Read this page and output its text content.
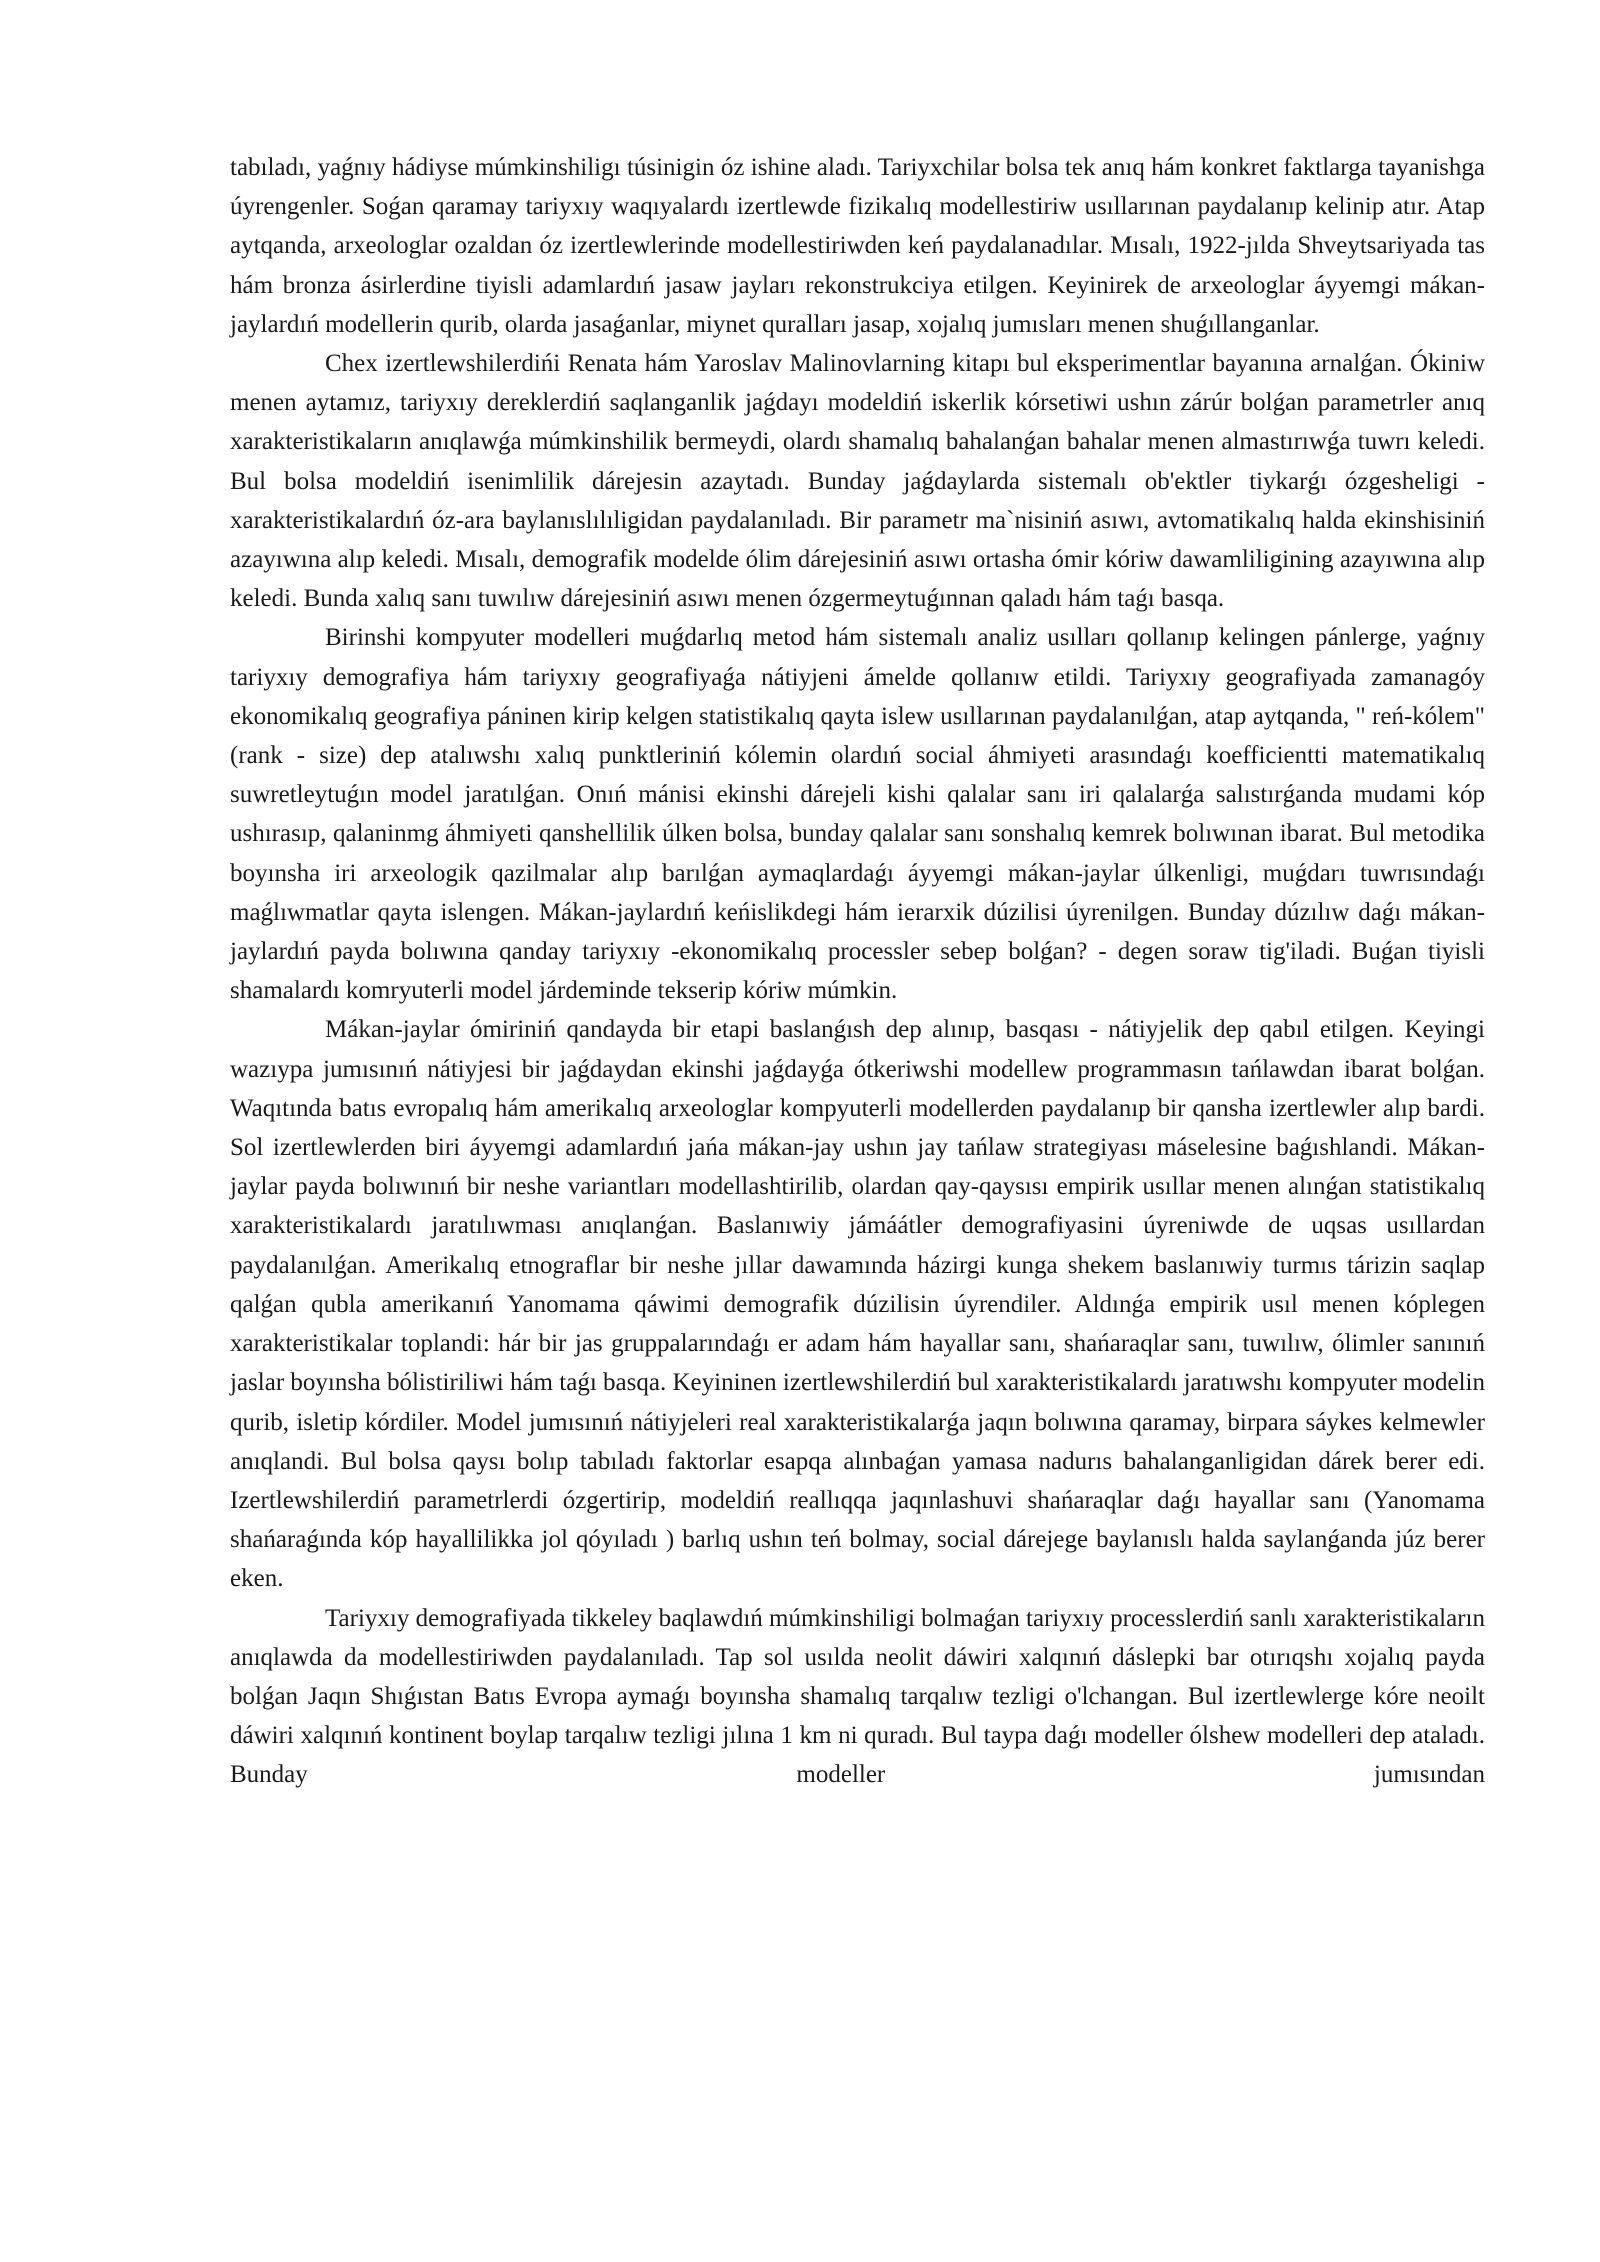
tabıladı, yaǵnıy hádiyse múmkinshiligı túsinigin óz ishine aladı. Tariyxchilar bolsa tek anıq hám konkret faktlarga tayanishga úyrengenler. Soǵan qaramay tariyxıy waqıyalardı izertlewde fizikalıq modellestiriw usıllarınan paydalanıp kelinip atır. Atap aytqanda, arxeologlar ozaldan óz izertlewlerinde modellestiriwden keń paydalanadılar. Mısalı, 1922-jılda Shveytsariyada tas hám bronza ásirlerdine tiyisli adamlardıń jasaw jayları rekonstrukciya etilgen. Keyinirek de arxeologlar áyyemgi mákan-jaylardıń modellerin qurib, olarda jasaǵanlar, miynet quralları jasap, xojalıq jumısları menen shuǵıllanganlar.

Chex izertlewshilerdińi Renata hám Yaroslav Malinovlarning kitapı bul eksperimentlar bayanına arnalǵan. Ókiniw menen aytamız, tariyxıy dereklerdiń saqlanganlik jaǵdayı modeldiń iskerlik kórsetiwi ushın zárúr bolǵan parametrler anıq xarakteristikaların anıqlawǵa múmkinshilik bermeydi, olardı shamalıq bahalanǵan bahalar menen almastırıwǵa tuwrı keledi. Bul bolsa modeldiń isenimlilik dárejesin azaytadı. Bunday jaǵdaylarda sistemalı ob'ektler tiykarǵı ózgesheligi - xarakteristikalardıń óz-ara baylanıslılıligidan paydalanıladı. Bir parametr ma`nisiniń asıwı, avtomatikalıq halda ekinshisiniń azayıwına alıp keledi. Mısalı, demografik modelde ólim dárejesiniń asıwı ortasha ómir kóriw dawamliligining azayıwına alıp keledi. Bunda xalıq sanı tuwılıw dárejesiniń asıwı menen ózgermeytuǵınnan qaladı hám taǵı basqa.

Birinshi kompyuter modelleri muǵdarlıq metod hám sistemalı analiz usılları qollanıp kelingen pánlerge, yaǵnıy tariyxıy demografiya hám tariyxıy geografiyaǵa nátiyjeni ámelde qollanıw etildi. Tariyxıy geografiyada zamanagóy ekonomikalıq geografiya páninen kirip kelgen statistikalıq qayta islew usıllarınan paydalanılǵan, atap aytqanda, " reń-kólem" (rank - size) dep atalıwshı xalıq punktleriniń kólemin olardıń social áhmiyeti arasındaǵı koefficientti matematikalıq suwretleytuǵın model jaratılǵan. Onıń mánisi ekinshi dárejeli kishi qalalar sanı iri qalalarǵa salıstırǵanda mudami kóp ushırasıp, qalaninmg áhmiyeti qanshellilik úlken bolsa, bunday qalalar sanı sonshalıq kemrek bolıwınan ibarat. Bul metodika boyınsha iri arxeologik qazilmalar alıp barılǵan aymaqlardaǵı áyyemgi mákan-jaylar úlkenligi, muǵdarı tuwrısındaǵı maǵlıwmatlar qayta islengen. Mákan-jaylardıń keńislikdegi hám ierarxik dúzilisi úyrenilgen. Bunday dúzılıw daǵı mákan-jaylardıń payda bolıwına qanday tariyxıy -ekonomikalıq processler sebep bolǵan? - degen soraw tig'iladi. Buǵan tiyisli shamalardı komryuterli model járdeminde tekserip kóriw múmkin.

Mákan-jaylar ómiriniń qandayda bir etapi baslanǵısh dep alınıp, basqası - nátiyjelik dep qabıl etilgen. Keyingi wazıypa jumısınıń nátiyjesi bir jaǵdaydan ekinshi jaǵdayǵa ótkeriwshi modellew programmasın tańlawdan ibarat bolǵan. Waqıtında batıs evropalıq hám amerikalıq arxeologlar kompyuterli modellerden paydalanıp bir qansha izertlewler alıp bardi. Sol izertlewlerden biri áyyemgi adamlardıń jańa mákan-jay ushın jay tańlaw strategiyası máselesine baǵıshlandi. Mákan-jaylar payda bolıwınıń bir neshe variantları modellashtirilib, olardan qay-qaysısı empirik usıllar menen alınǵan statistikalıq xarakteristikalardı jaratılıwması anıqlanǵan. Baslanıwiy jámáátler demografiyasini úyreniwde de uqsas usıllardan paydalanılǵan. Amerikalıq etnograflar bir neshe jıllar dawamında házirgi kunga shekem baslanıwiy turmıs tárizin saqlap qalǵan qubla amerikanıń Yanomama qáwimi demografik dúzilisin úyrendiler. Aldınǵa empirik usıl menen kóplegen xarakteristikalar toplandi: hár bir jas gruppalarındaǵı er adam hám hayallar sanı, shańaraqlar sanı, tuwılıw, ólimler sanınıń jaslar boyınsha bólistiriliwi hám taǵı basqa. Keyininen izertlewshilerdiń bul xarakteristikalardı jaratıwshı kompyuter modelin qurib, isletip kórdiler. Model jumısınıń nátiyjeleri real xarakteristikalarǵa jaqın bolıwına qaramay, birpara sáykes kelmewler anıqlandi. Bul bolsa qaysı bolıp tabıladı faktorlar esapqa alınbaǵan yamasa nadurıs bahalanganligidan dárek berer edi. Izertlewshilerdiń parametrlerdi ózgertirip, modeldiń reallıqqa jaqınlashuvi shańaraqlar daǵı hayallar sanı (Yanomama shańaraǵında kóp hayallilikka jol qóyıladı ) barlıq ushın teń bolmay, social dárejege baylanıslı halda saylanǵanda júz berer eken.

Tariyxıy demografiyada tikkeley baqlawdıń múmkinshiligi bolmaǵan tariyxıy processlerdiń sanlı xarakteristikaların anıqlawda da modellestiriwden paydalanıladı. Tap sol usılda neolit dáwiri xalqınıń dáslepki bar otırıqshı xojalıq payda bolǵan Jaqın Shıǵıstan Batıs Evropa aymaǵı boyınsha shamalıq tarqalıw tezligi o'lchangan. Bul izertlewlerge kóre neoilt dáwiri xalqınıń kontinent boylap tarqalıw tezligi jılına 1 km ni quradı. Bul taypa daǵı modeller ólshew modelleri dep ataladı. Bunday modeller jumısından
